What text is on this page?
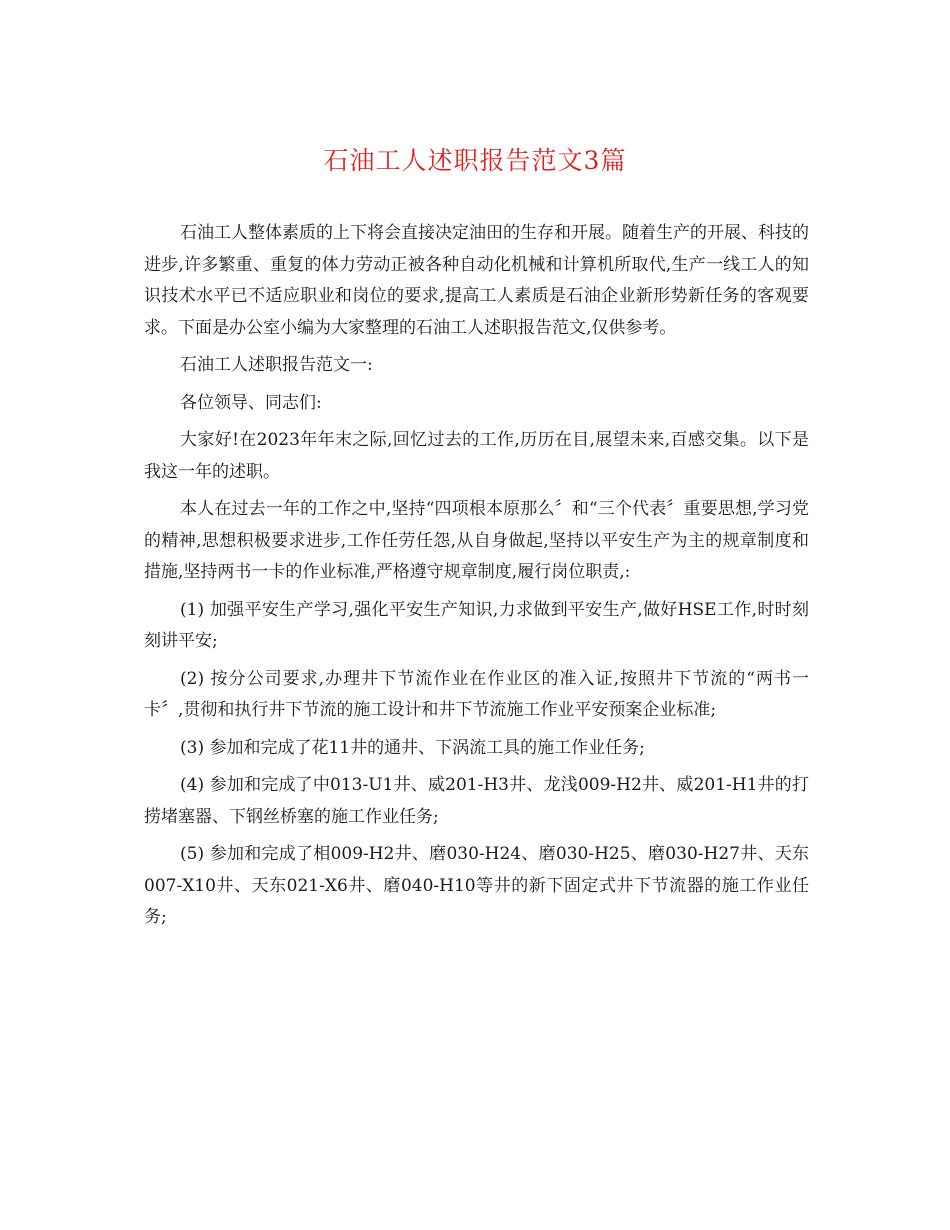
石油工人述职报告范文3篇

石油工人整体素质的上下将会直接决定油田的生存和开展。随着生产的开展、科技的进步,许多繁重、重复的体力劳动正被各种自动化机械和计算机所取代,生产一线工人的知识技术水平已不适应职业和岗位的要求,提高工人素质是石油企业新形势新任务的客观要求。下面是办公室小编为大家整理的石油工人述职报告范文,仅供参考。

石油工人述职报告范文一:

各位领导、同志们:

大家好!在2023年年末之际,回忆过去的工作,历历在目,展望未来,百感交集。以下是我这一年的述职。

本人在过去一年的工作之中,坚持“四项根本原那么〞和“三个代表〞重要思想,学习党的精神,思想积极要求进步,工作任劳任怨,从自身做起,坚持以平安生产为主的规章制度和措施,坚持两书一卡的作业标准,严格遵守规章制度,履行岗位职责,:

(1) 加强平安生产学习,强化平安生产知识,力求做到平安生产,做好HSE工作,时时刻刻讲平安;

(2) 按分公司要求,办理井下节流作业在作业区的准入证,按照井下节流的“两书一卡〞,贯彻和执行井下节流的施工设计和井下节流施工作业平安预案企业标准;

(3) 参加和完成了花11井的通井、下涡流工具的施工作业任务;

(4) 参加和完成了中013-U1井、威201-H3井、龙浅009-H2井、威201-H1井的打捞堵塞器、下钢丝桥塞的施工作业任务;

(5) 参加和完成了相009-H2井、磨030-H24、磨030-H25、磨030-H27井、天东007-X10井、天东021-X6井、磨040-H10等井的新下固定式井下节流器的施工作业任务;
